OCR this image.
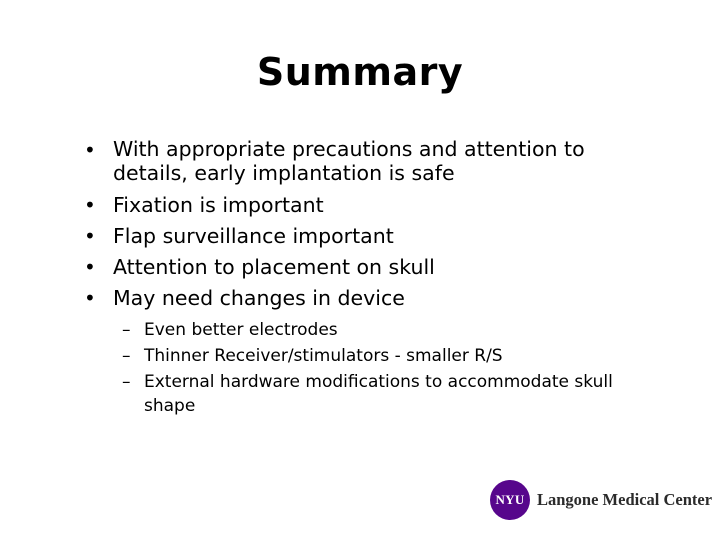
Summary
• With appropriate precautions and attention to
details, early implantation is safe
• Fixation is important
• Flap surveillance important
• Attention to placement on skull
• May need changes in device
– Even better electrodes
– Thinner Receiver/stimulators - smaller R/S
– External hardware modifications to accommodate skull
shape
NYU Langone Medical Center
